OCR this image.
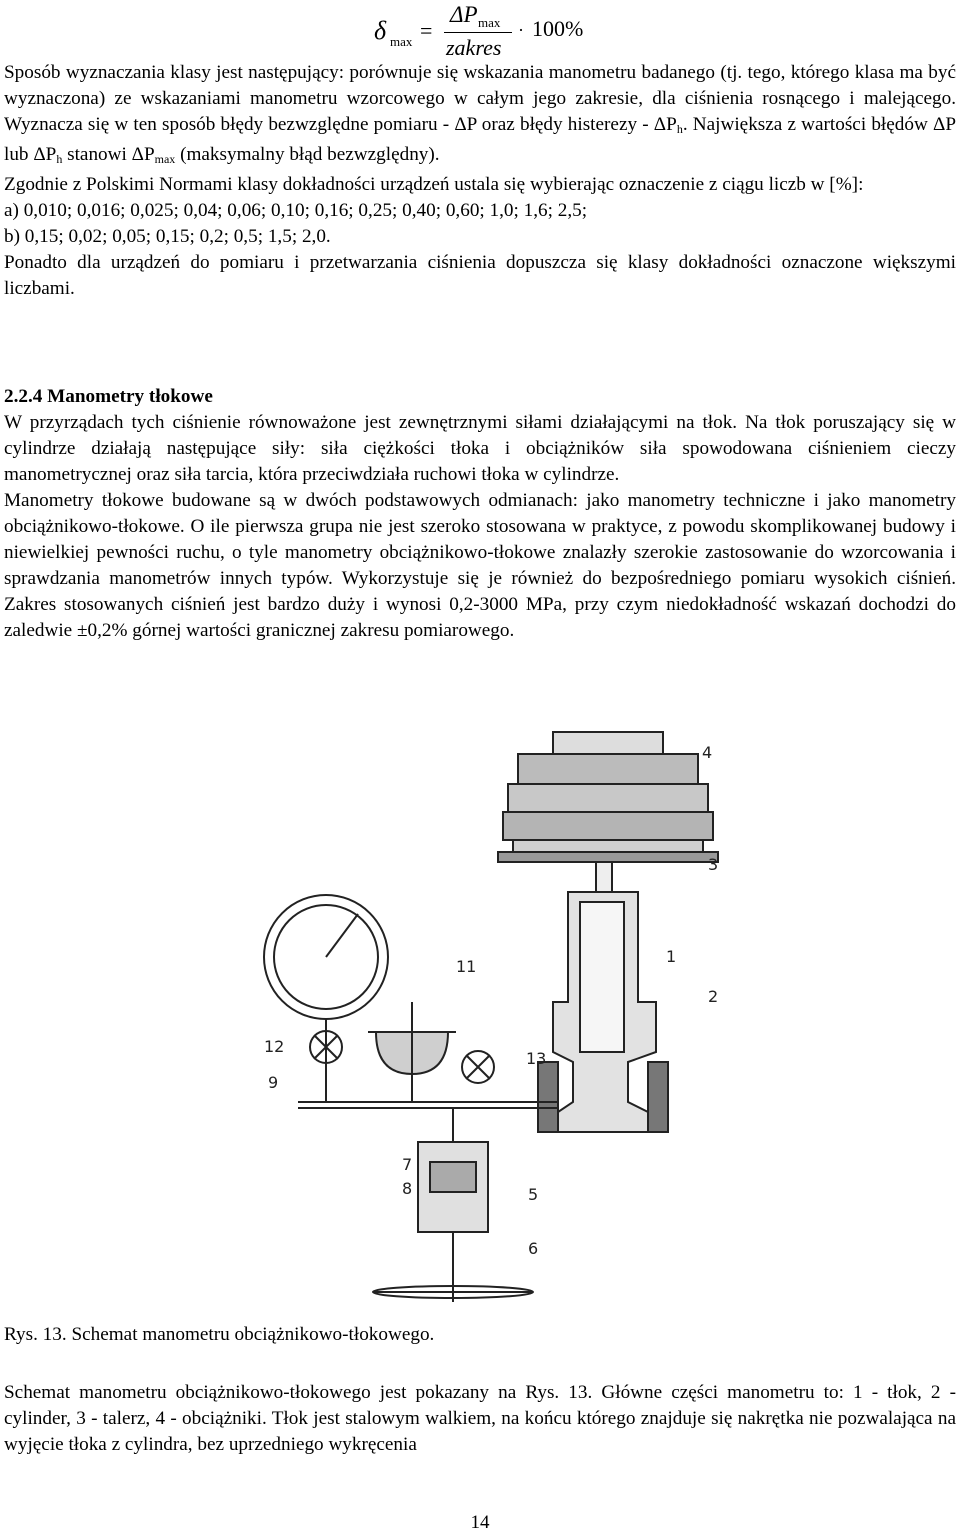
δ max =
ΔP max
zakres
· 100%

Sposób wyznaczania klasy jest następujący: porównuje się wskazania manometru badanego (tj. tego, którego klasa ma być wyznaczona) ze wskazaniami manometru wzorcowego w całym jego zakresie, dla ciśnienia rosnącego i malejącego. Wyznacza się w ten sposób błędy bezwzględne pomiaru - ΔP oraz błędy histerezy - ΔPh. Największa z wartości błędów ΔP lub ΔPh stanowi ΔPmax (maksymalny błąd bezwzględny).

Zgodnie z Polskimi Normami klasy dokładności urządzeń ustala się wybierając oznaczenie z ciągu liczb w [%]:

a) 0,010; 0,016; 0,025; 0,04; 0,06; 0,10; 0,16; 0,25; 0,40; 0,60; 1,0; 1,6; 2,5;

b) 0,15; 0,02; 0,05; 0,15; 0,2; 0,5; 1,5; 2,0.

Ponadto dla urządzeń do pomiaru i przetwarzania ciśnienia dopuszcza się klasy dokładności oznaczone większymi liczbami.

2.2.4 Manometry tłokowe

W przyrządach tych ciśnienie równoważone jest zewnętrznymi siłami działającymi na tłok. Na tłok poruszający się w cylindrze działają następujące siły: siła ciężkości tłoka i obciążników siła spowodowana ciśnieniem cieczy manometrycznej oraz siła tarcia, która przeciwdziała ruchowi tłoka w cylindrze.

Manometry tłokowe budowane są w dwóch podstawowych odmianach: jako manometry techniczne i jako manometry obciążnikowo-tłokowe. O ile pierwsza grupa nie jest szeroko stosowana w praktyce, z powodu skomplikowanej budowy i niewielkiej pewności ruchu, o tyle manometry obciążnikowo-tłokowe znalazły szerokie zastosowanie do wzorcowania i sprawdzania manometrów innych typów. Wykorzystuje się je również do bezpośredniego pomiaru wysokich ciśnień. Zakres stosowanych ciśnień jest bardzo duży i wynosi 0,2-3000 MPa, przy czym niedokładność wskazań dochodzi do zaledwie ±0,2% górnej wartości granicznej zakresu pomiarowego.

4
3
1
2
11
12
13
9
7
8	5
6
Rys. 13. Schemat manometru obciążnikowo-tłokowego.

Schemat manometru obciążnikowo-tłokowego jest pokazany na Rys. 13. Główne części manometru to: 1 - tłok, 2 - cylinder, 3 - talerz, 4 - obciążniki. Tłok jest stalowym walkiem, na końcu którego znajduje się nakrętka nie pozwalająca na wyjęcie tłoka z cylindra, bez uprzedniego wykręcenia

14
